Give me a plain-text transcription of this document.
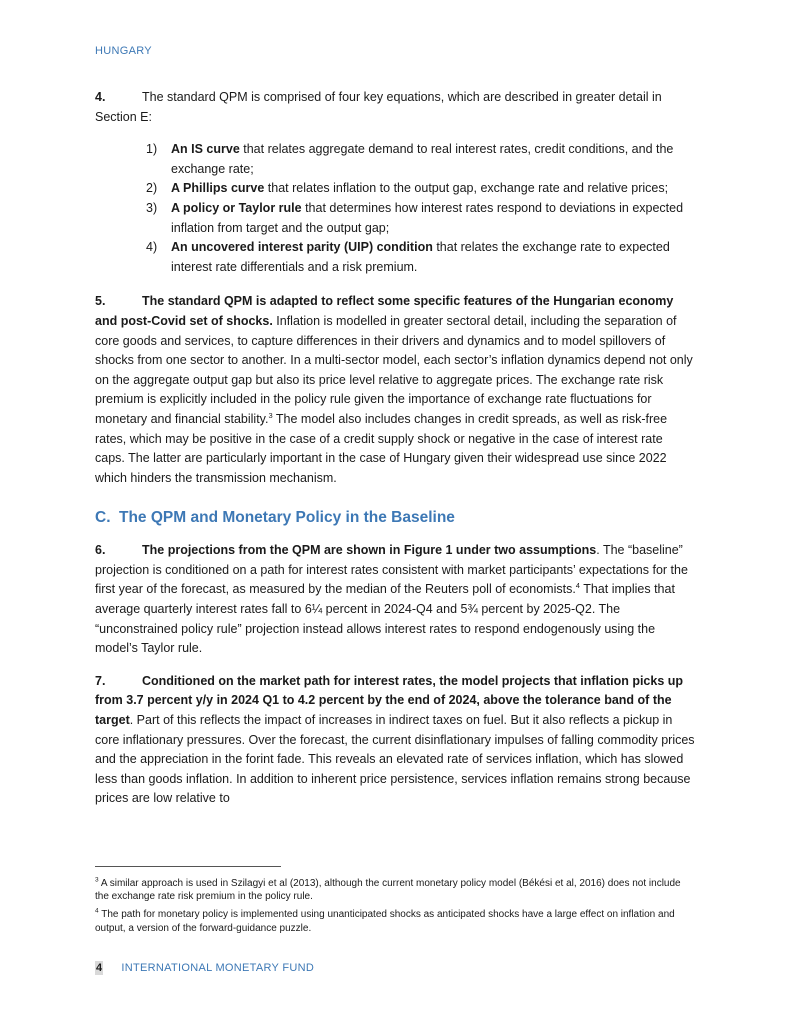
HUNGARY

4.	The standard QPM is comprised of four key equations, which are described in greater detail in Section E:

1) An IS curve that relates aggregate demand to real interest rates, credit conditions, and the exchange rate;
2) A Phillips curve that relates inflation to the output gap, exchange rate and relative prices;
3) A policy or Taylor rule that determines how interest rates respond to deviations in expected inflation from target and the output gap;
4) An uncovered interest parity (UIP) condition that relates the exchange rate to expected interest rate differentials and a risk premium.

5.	The standard QPM is adapted to reflect some specific features of the Hungarian economy and post-Covid set of shocks. Inflation is modelled in greater sectoral detail, including the separation of core goods and services, to capture differences in their drivers and dynamics and to model spillovers of shocks from one sector to another. In a multi-sector model, each sector’s inflation dynamics depend not only on the aggregate output gap but also its price level relative to aggregate prices. The exchange rate risk premium is explicitly included in the policy rule given the importance of exchange rate fluctuations for monetary and financial stability.$^3$ The model also includes changes in credit spreads, as well as risk-free rates, which may be positive in the case of a credit supply shock or negative in the case of interest rate caps. The latter are particularly important in the case of Hungary given their widespread use since 2022 which hinders the transmission mechanism.

C. The QPM and Monetary Policy in the Baseline

6.	The projections from the QPM are shown in Figure 1 under two assumptions. The “baseline” projection is conditioned on a path for interest rates consistent with market participants’ expectations for the first year of the forecast, as measured by the median of the Reuters poll of economists.$^4$ That implies that average quarterly interest rates fall to 6¼ percent in 2024-Q4 and 5¾ percent by 2025-Q2. The “unconstrained policy rule” projection instead allows interest rates to respond endogenously using the model’s Taylor rule.

7.	Conditioned on the market path for interest rates, the model projects that inflation picks up from 3.7 percent y/y in 2024 Q1 to 4.2 percent by the end of 2024, above the tolerance band of the target. Part of this reflects the impact of increases in indirect taxes on fuel. But it also reflects a pickup in core inflationary pressures. Over the forecast, the current disinflationary impulses of falling commodity prices and the appreciation in the forint fade. This reveals an elevated rate of services inflation, which has slowed less than goods inflation. In addition to inherent price persistence, services inflation remains strong because prices are low relative to

$^3$ A similar approach is used in Szilagyi et al (2013), although the current monetary policy model (Békési et al, 2016) does not include the exchange rate risk premium in the policy rule.

$^4$ The path for monetary policy is implemented using unanticipated shocks as anticipated shocks have a large effect on inflation and output, a version of the forward-guidance puzzle.

4 INTERNATIONAL MONETARY FUND
